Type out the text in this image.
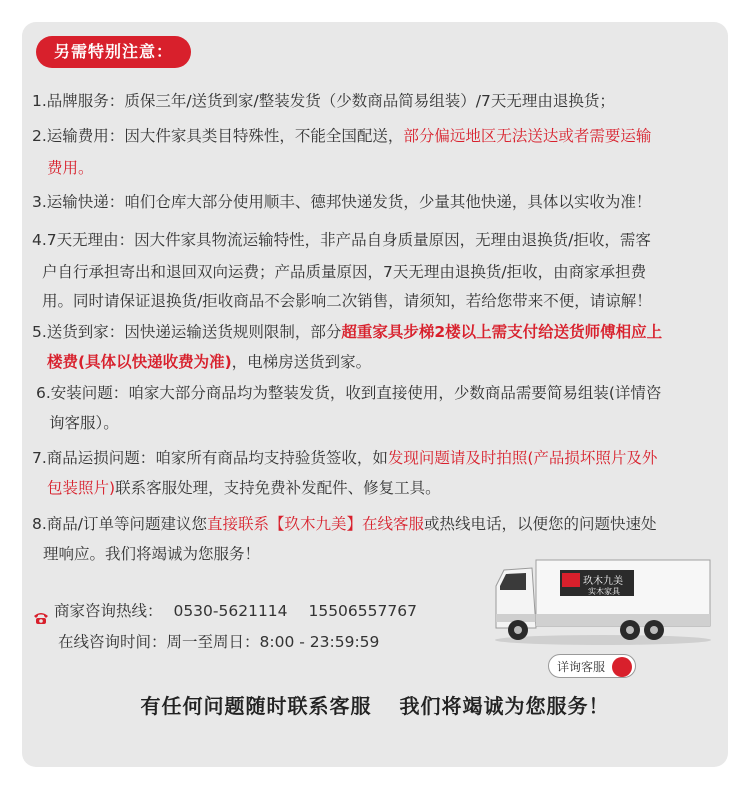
另需特别注意：
1.品牌服务：质保三年/送货到家/整装发货（少数商品简易组装）/7天无理由退换货；
2.运输费用：因大件家具类目特殊性，不能全国配送，部分偏远地区无法送达或者需要运输
费用。
3.运输快递：咱们仓库大部分使用顺丰、德邦快递发货，少量其他快递，具体以实收为准！
4.7天无理由：因大件家具物流运输特性，非产品自身质量原因，无理由退换货/拒收，需客
户自行承担寄出和退回双向运费；产品质量原因，7天无理由退换货/拒收，由商家承担费
用。同时请保证退换货/拒收商品不会影响二次销售，请须知，若给您带来不便，请谅解！
5.送货到家：因快递运输送货规则限制，部分超重家具步梯2楼以上需支付给送货师傅相应上
楼费(具体以快递收费为准)，电梯房送货到家。
6.安装问题：咱家大部分商品均为整装发货，收到直接使用，少数商品需要简易组装(详情咨
询客服）。
7.商品运损问题：咱家所有商品均支持验货签收，如发现问题请及时拍照(产品损坏照片及外
包装照片)联系客服处理，支持免费补发配件、修复工具。
8.商品/订单等问题建议您直接联系【玖木九美】在线客服或热线电话，以便您的问题快速处
理响应。我们将竭诚为您服务！
商家咨询热线： 0530-5621114 15506557767
在线咨询时间：周一至周日：8:00 - 23:59:59
玖木九美
实木家具
详询客服
有任何问题随时联系客服 我们将竭诚为您服务！
